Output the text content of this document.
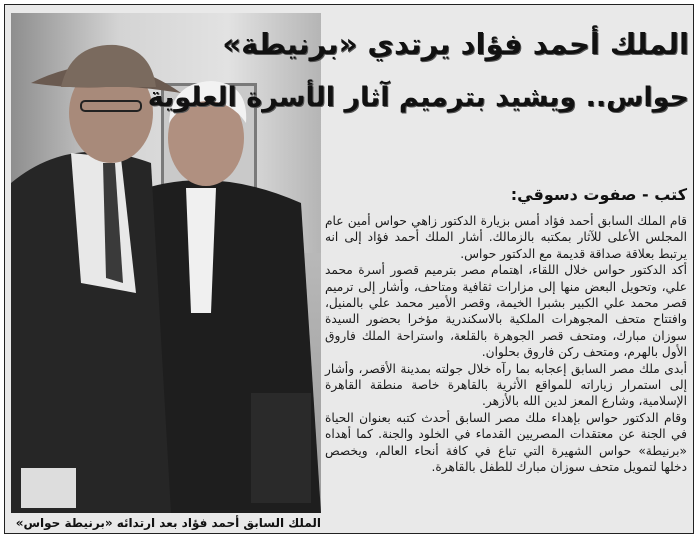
الملك السابق أحمد فؤاد بعد ارتدائه «برنيطة حواس»
الملك أحمد فؤاد يرتدي «برنيطة»
حواس.. ويشيد بترميم آثار الأسرة العلوية
كتب - صفوت دسوقي:

قام الملك السابق أحمد فؤاد أمس بزيارة الدكتور زاهي حواس أمين عام المجلس الأعلى للآثار بمكتبه بالزمالك. أشار الملك أحمد فؤاد إلى انه يرتبط بعلاقة صداقة قديمة مع الدكتور حواس.

أكد الدكتور حواس خلال اللقاء، اهتمام مصر بترميم قصور أسرة محمد علي، وتحويل البعض منها إلى مزارات ثقافية ومتاحف، وأشار إلى ترميم قصر محمد علي الكبير بشبرا الخيمة، وقصر الأمير محمد علي بالمنيل، وافتتاح متحف المجوهرات الملكية بالاسكندرية مؤخرا بحضور السيدة سوزان مبارك، ومتحف قصر الجوهرة بالقلعة، واستراحة الملك فاروق الأول بالهرم، ومتحف ركن فاروق بحلوان.

أبدى ملك مصر السابق إعجابه بما رآه خلال جولته بمدينة الأقصر، وأشار إلى استمرار زياراته للمواقع الأثرية بالقاهرة خاصة منطقة القاهرة الإسلامية، وشارع المعز لدين الله بالأزهر.

وقام الدكتور حواس بإهداء ملك مصر السابق أحدث كتبه بعنوان الحياة في الجنة عن معتقدات المصريين القدماء في الخلود والجنة. كما أهداه «برنيطة» حواس الشهيرة التي تباع في كافة أنحاء العالم، ويخصص دخلها لتمويل متحف سوزان مبارك للطفل بالقاهرة.
